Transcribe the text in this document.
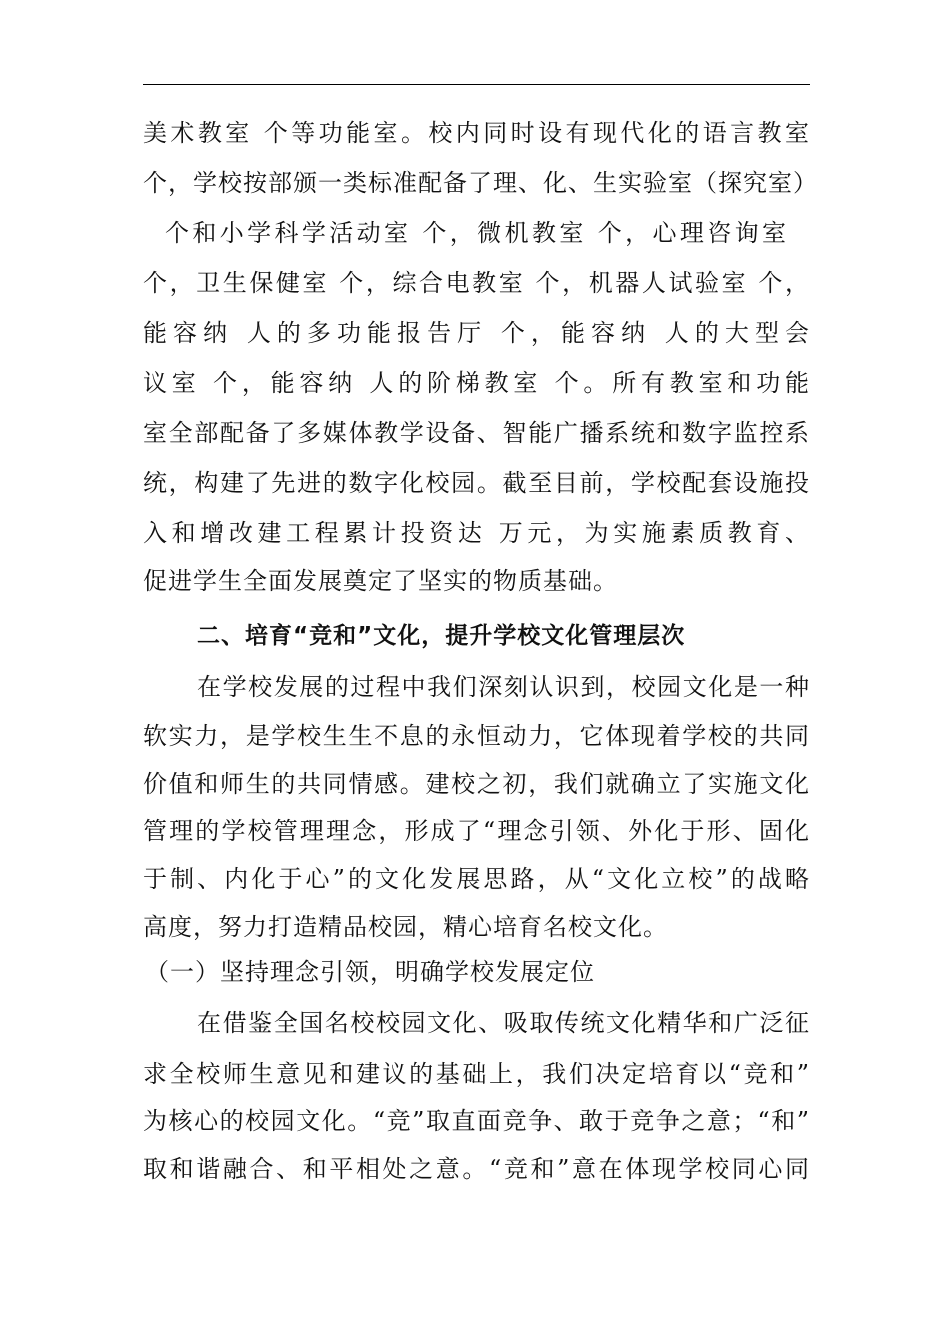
美术教室 个等功能室。校内同时设有现代化的语言教室
个，学校按部颁一类标准配备了理、化、生实验室（探究室）
个和小学科学活动室 个，微机教室 个，心理咨询室
个，卫生保健室 个，综合电教室 个，机器人试验室 个，
能容纳 人的多功能报告厅 个，能容纳 人的大型会
议室 个，能容纳 人的阶梯教室 个。所有教室和功能
室全部配备了多媒体教学设备、智能广播系统和数字监控系
统，构建了先进的数字化校园。截至目前，学校配套设施投
入和增改建工程累计投资达 万元，为实施素质教育、
促进学生全面发展奠定了坚实的物质基础。
二、培育“竞和”文化，提升学校文化管理层次
在学校发展的过程中我们深刻认识到，校园文化是一种
软实力，是学校生生不息的永恒动力，它体现着学校的共同
价值和师生的共同情感。建校之初，我们就确立了实施文化
管理的学校管理理念，形成了“理念引领、外化于形、固化
于制、内化于心”的文化发展思路，从“文化立校”的战略
高度，努力打造精品校园，精心培育名校文化。
（一）坚持理念引领，明确学校发展定位
在借鉴全国名校校园文化、吸取传统文化精华和广泛征
求全校师生意见和建议的基础上，我们决定培育以“竞和”
为核心的校园文化。“竞”取直面竞争、敢于竞争之意；“和”
取和谐融合、和平相处之意。“竞和”意在体现学校同心同
